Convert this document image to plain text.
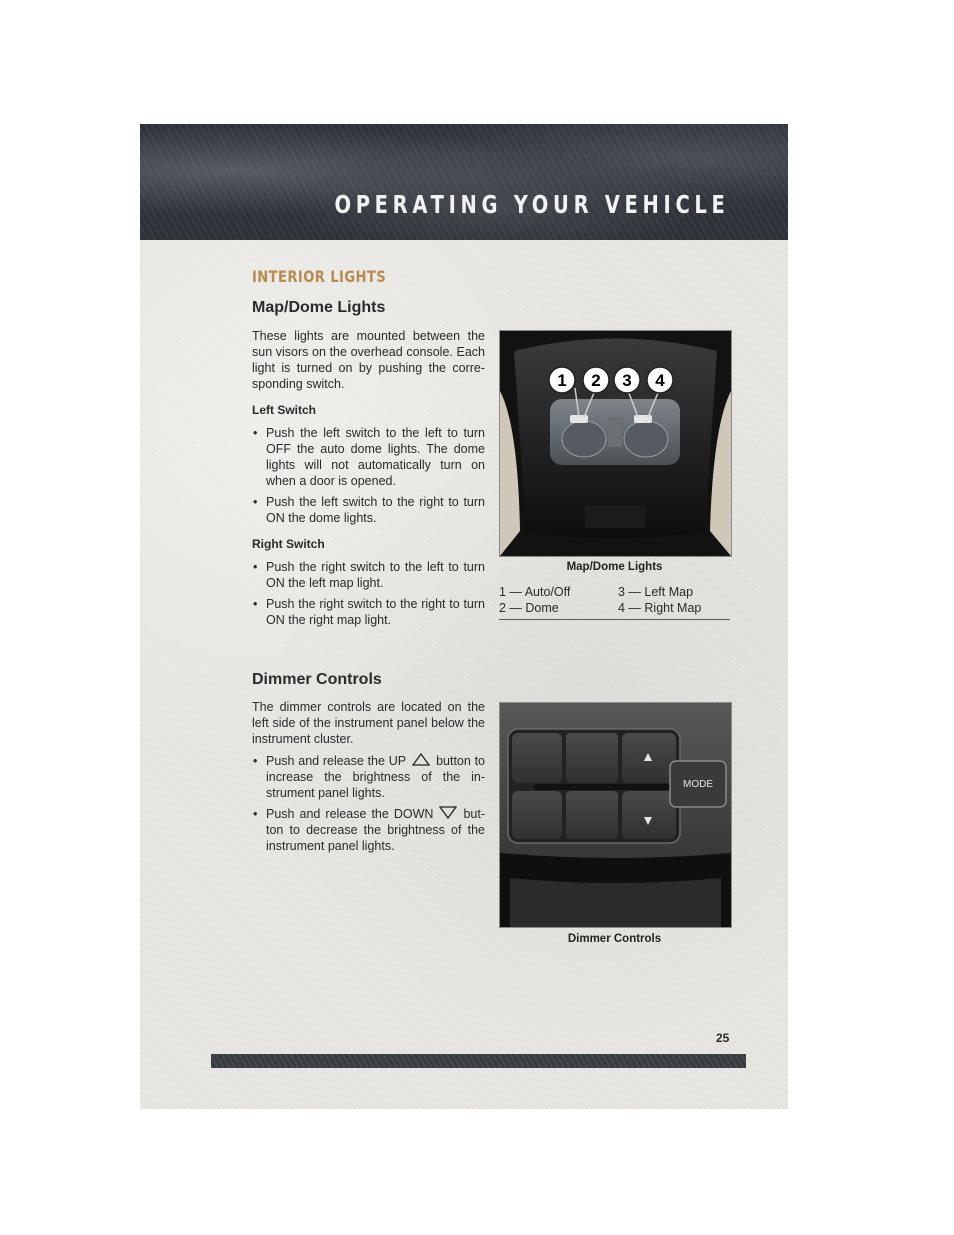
OPERATING YOUR VEHICLE
INTERIOR LIGHTS
Map/Dome Lights

These lights are mounted between the sun visors on the overhead console. Each light is turned on by pushing the corre-sponding switch.

Left Switch
• Push the left switch to the left to turn OFF the auto dome lights. The dome lights will not automatically turn on when a door is opened.
• Push the left switch to the right to turn ON the dome lights.
Right Switch
• Push the right switch to the left to turn ON the left map light.
• Push the right switch to the right to turn ON the right map light.
1 2 3 4
Map/Dome Lights
1 — Auto/Off	3 — Left Map
2 — Dome	4 — Right Map
Dimmer Controls

The dimmer controls are located on the left side of the instrument panel below the instrument cluster.

• Push and release the UP button to increase the brightness of the in-strument panel lights.
• Push and release the DOWN but-ton to decrease the brightness of the instrument panel lights.
MODE
Dimmer Controls
25
